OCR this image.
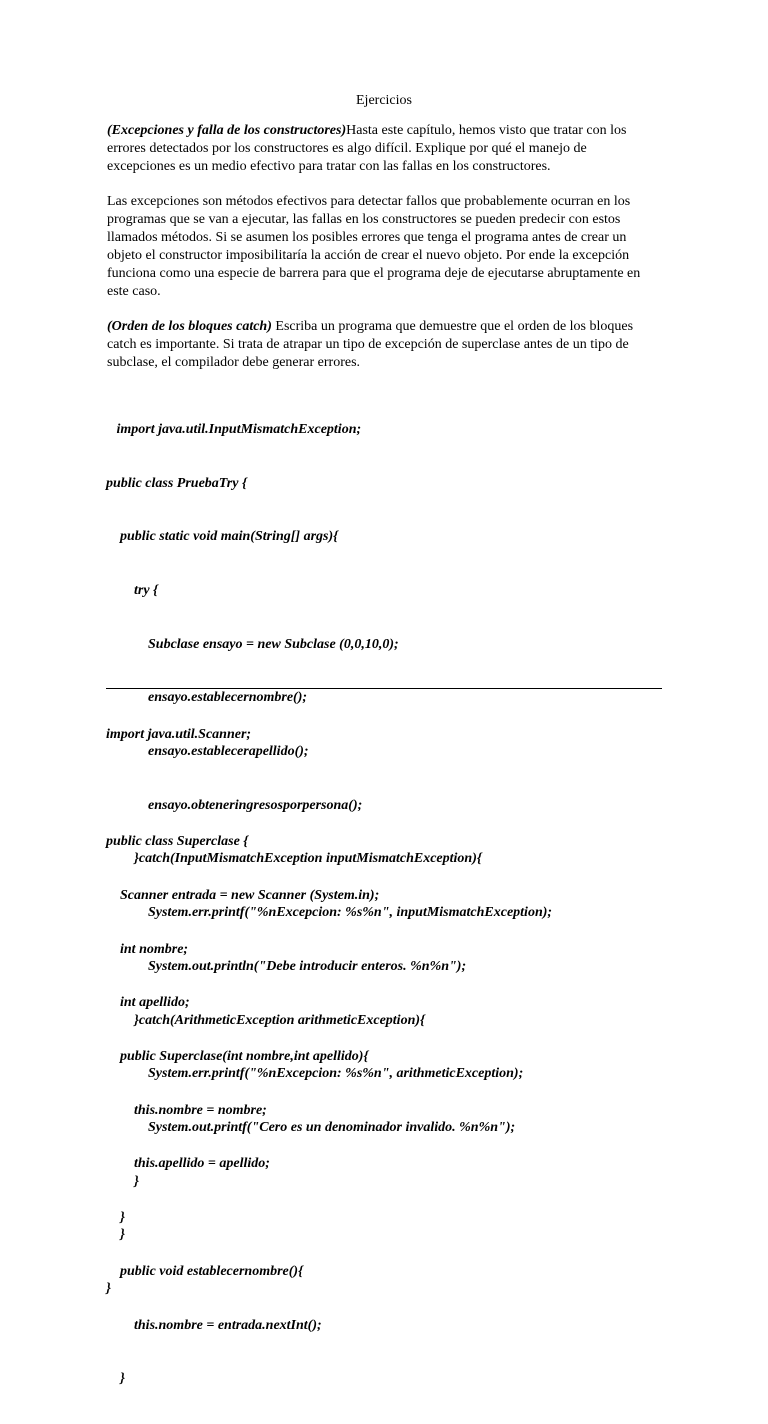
Ejercicios
(Excepciones y falla de los constructores)Hasta este capítulo, hemos visto que tratar con los errores detectados por los constructores es algo difícil. Explique por qué el manejo de excepciones es un medio efectivo para tratar con las fallas en los constructores.
Las excepciones son métodos efectivos para detectar fallos que probablemente ocurran en los programas que se van a ejecutar, las fallas en los constructores se pueden predecir con estos llamados métodos. Si se asumen los posibles errores que tenga el programa antes de crear un objeto el constructor imposibilitaría la acción de crear el nuevo objeto. Por ende la excepción funciona como una especie de barrera para que el programa deje de ejecutarse abruptamente en este caso.
(Orden de los bloques catch) Escriba un programa que demuestre que el orden de los bloques catch es importante. Si trata de atrapar un tipo de excepción de superclase antes de un tipo de subclase, el compilador debe generar errores.

import java.util.InputMismatchException;

public class PruebaTry {

public static void main(String[] args){

try {

Subclase ensayo = new Subclase (0,0,10,0);

ensayo.establecernombre();

ensayo.establecerapellido();

ensayo.obteneringresosporpersona();

}catch(InputMismatchException inputMismatchException){

System.err.printf("%nExcepcion: %s%n", inputMismatchException);

System.out.println("Debe introducir enteros. %n%n");

}catch(ArithmeticException arithmeticException){

System.err.printf("%nExcepcion: %s%n", arithmeticException);

System.out.printf("Cero es un denominador invalido. %n%n");

}

}

}

import java.util.Scanner;

public class Superclase {

Scanner entrada = new Scanner (System.in);

int nombre;

int apellido;

public Superclase(int nombre,int apellido){

this.nombre = nombre;

this.apellido = apellido;

}

public void establecernombre(){

this.nombre = entrada.nextInt();

}
